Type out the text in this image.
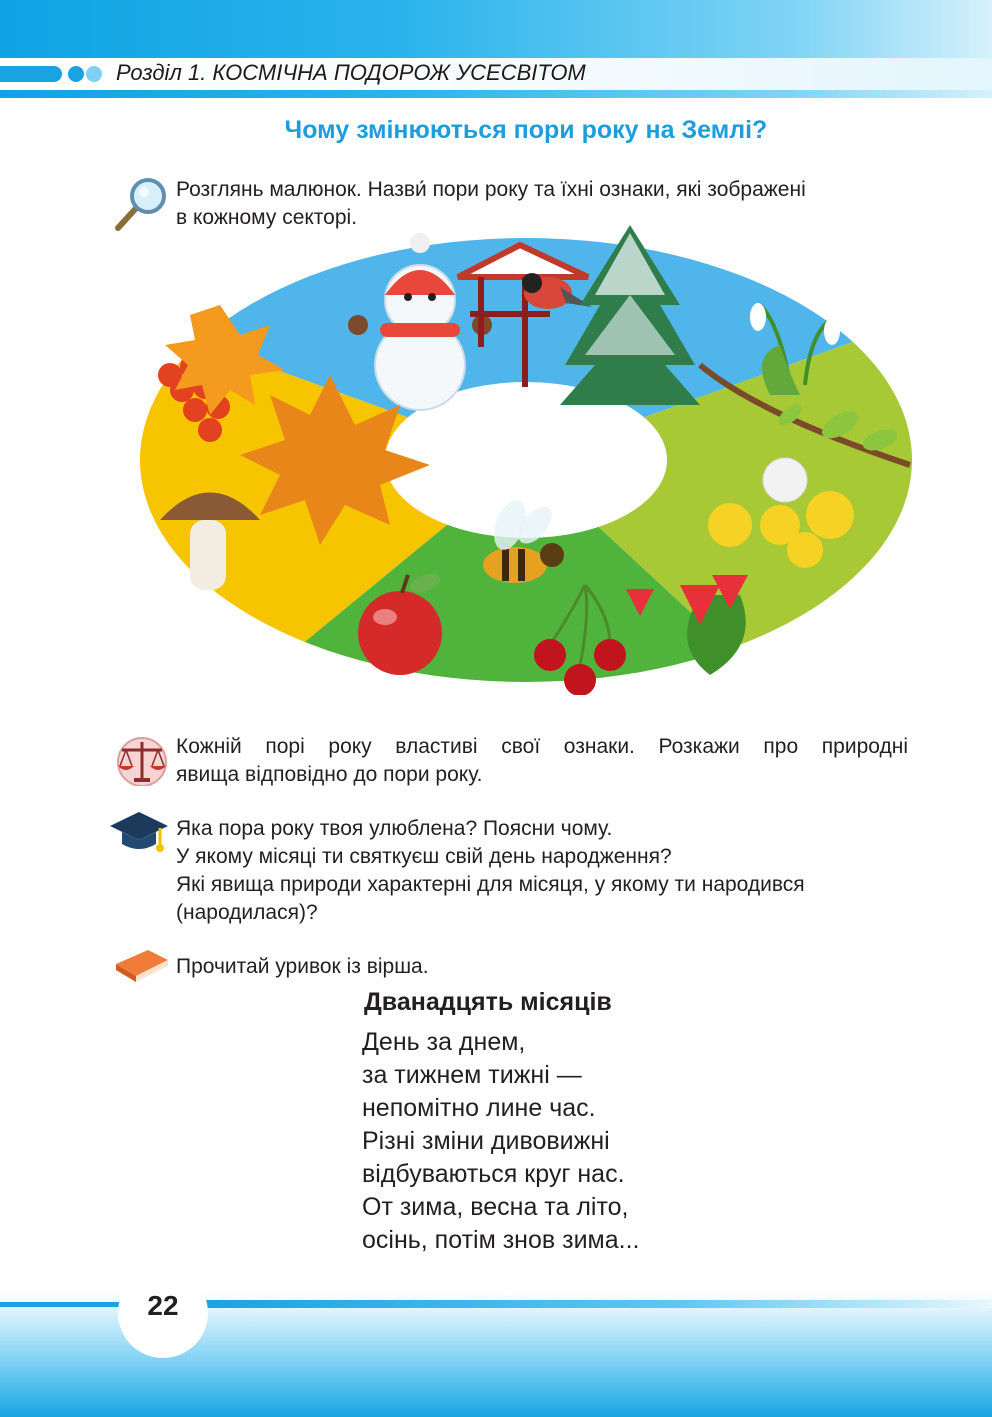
Розділ 1. КОСМІЧНА ПОДОРОЖ УСЕСВІТОМ
Чому змінюються пори року на Землі?
Розглянь малюнок. Назви́ пори року та їхні ознаки, які зображені
в кожному секторі.
Кожній порі року властиві свої ознаки. Розкажи про природні
явища відповідно до пори року.
Яка пора року твоя улюблена? Поясни чому.
У якому місяці ти святкуєш свій день народження?
Які явища природи характерні для місяця, у якому ти народився
(народилася)?
Прочитай уривок із вірша.
Дванадцять місяців
День за днем,
за тижнем тижні —
непомітно лине час.
Різні зміни дивовижні
відбуваються круг нас.
От зима, весна та літо,
осінь, потім знов зима...
22
